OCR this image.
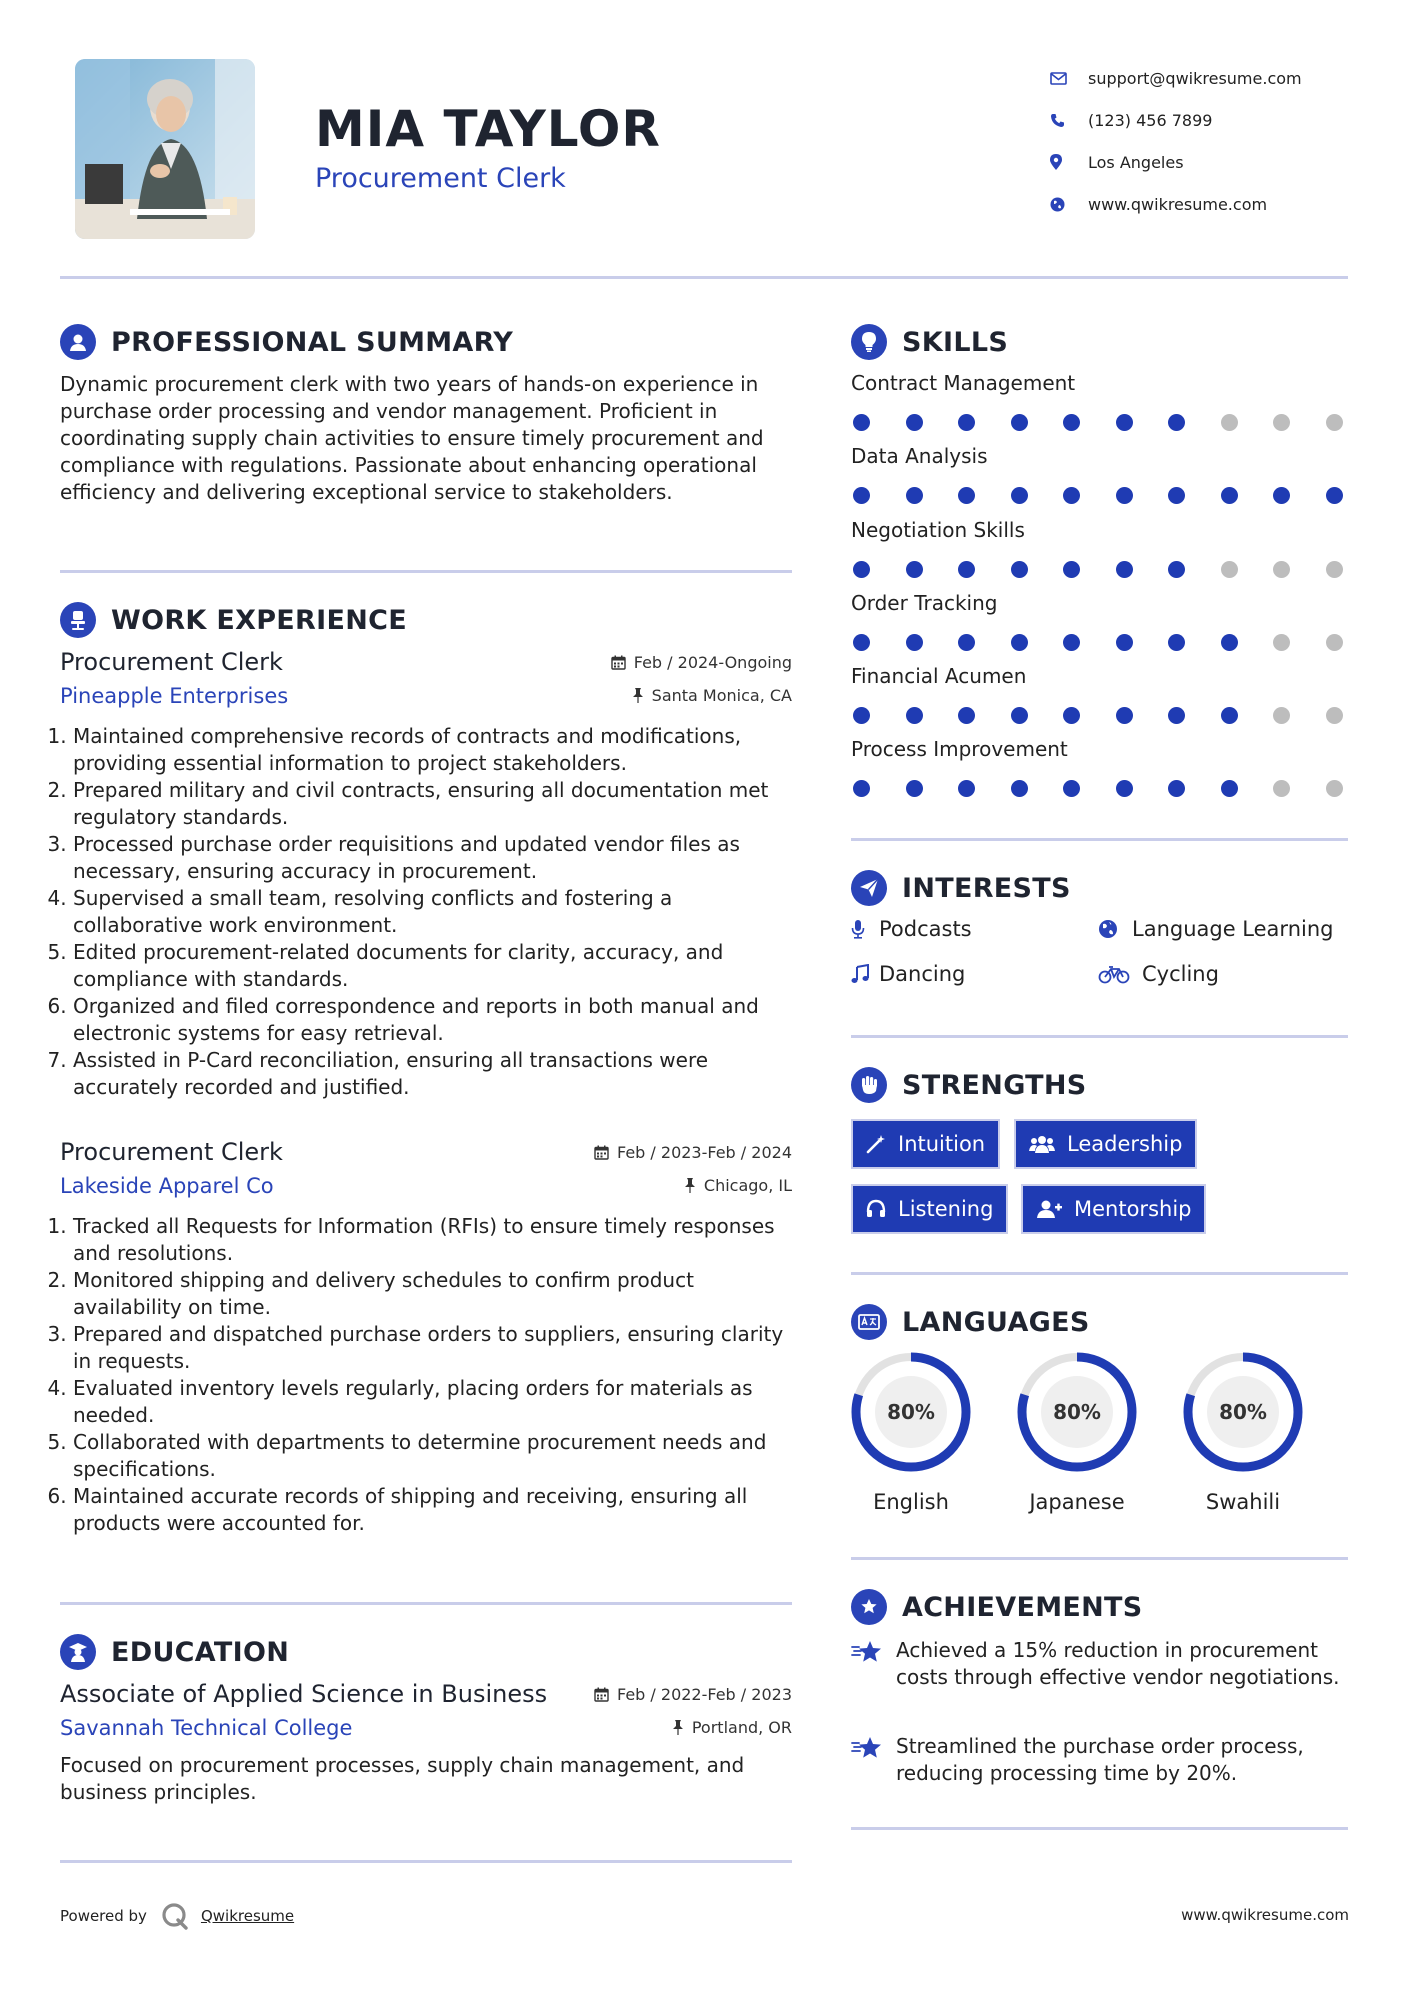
MIA TAYLOR
Procurement Clerk
support@qwikresume.com
(123) 456 7899
Los Angeles
www.qwikresume.com
PROFESSIONAL SUMMARY
Dynamic procurement clerk with two years of hands-on experience in purchase order processing and vendor management. Proficient in coordinating supply chain activities to ensure timely procurement and compliance with regulations. Passionate about enhancing operational efficiency and delivering exceptional service to stakeholders.
WORK EXPERIENCE
Procurement Clerk	Feb / 2024-Ongoing
Pineapple Enterprises	Santa Monica, CA
1. Maintained comprehensive records of contracts and modifications, providing essential information to project stakeholders.
2. Prepared military and civil contracts, ensuring all documentation met regulatory standards.
3. Processed purchase order requisitions and updated vendor files as necessary, ensuring accuracy in procurement.
4. Supervised a small team, resolving conflicts and fostering a collaborative work environment.
5. Edited procurement-related documents for clarity, accuracy, and compliance with standards.
6. Organized and filed correspondence and reports in both manual and electronic systems for easy retrieval.
7. Assisted in P-Card reconciliation, ensuring all transactions were accurately recorded and justified.
Procurement Clerk	Feb / 2023-Feb / 2024
Lakeside Apparel Co	Chicago, IL
1. Tracked all Requests for Information (RFIs) to ensure timely responses and resolutions.
2. Monitored shipping and delivery schedules to confirm product availability on time.
3. Prepared and dispatched purchase orders to suppliers, ensuring clarity in requests.
4. Evaluated inventory levels regularly, placing orders for materials as needed.
5. Collaborated with departments to determine procurement needs and specifications.
6. Maintained accurate records of shipping and receiving, ensuring all products were accounted for.
EDUCATION
Associate of Applied Science in Business	Feb / 2022-Feb / 2023
Savannah Technical College	Portland, OR
Focused on procurement processes, supply chain management, and business principles.
SKILLS
Contract Management
Data Analysis
Negotiation Skills
Order Tracking
Financial Acumen
Process Improvement
INTERESTS
Podcasts	Language Learning
Dancing	Cycling
STRENGTHS
Intuition	Leadership
Listening	Mentorship
LANGUAGES
80%
English
80%
Japanese
80%
Swahili
ACHIEVEMENTS
Achieved a 15% reduction in procurement costs through effective vendor negotiations.
Streamlined the purchase order process, reducing processing time by 20%.
Powered by	Qwikresume	www.qwikresume.com
